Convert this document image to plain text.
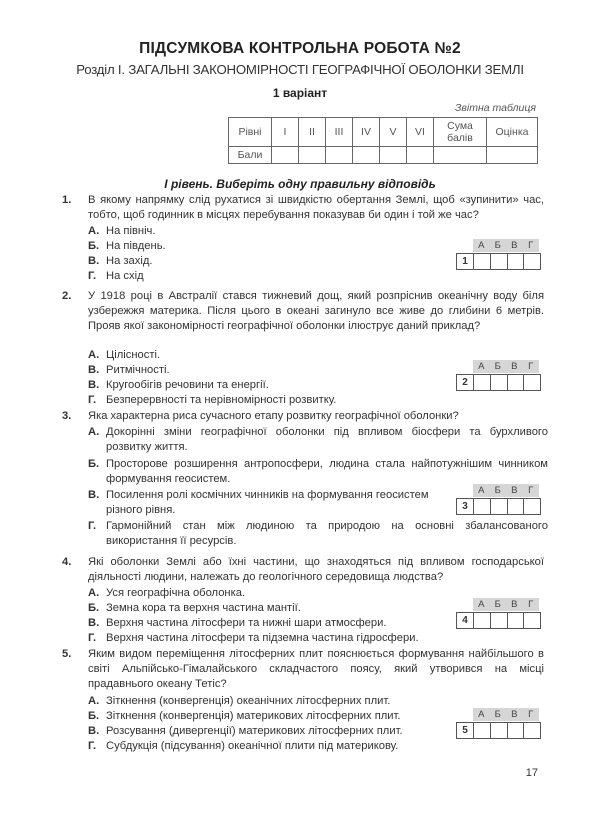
ПІДСУМКОВА КОНТРОЛЬНА РОБОТА №2
Розділ І. ЗАГАЛЬНІ ЗАКОНОМІРНОСТІ ГЕОГРАФІЧНОЇ ОБОЛОНКИ ЗЕМЛІ
1 варіант
Звітна таблиця
Рівні	І	ІІ	ІІІ	IV	V	VI	Сума балів	Оцінка
Бали								
І рівень. Виберіть одну правильну відповідь
1. В якому напрямку слід рухатися зі швидкістю обертання Землі, щоб «зупинити» час, тобто, щоб годинник в місцях перебування показував би один і той же час?
А. На північ.
Б. На південь.
В. На захід.
Г. На схід
А	Б	В	Г
1
2. У 1918 році в Австралії стався тижневий дощ, який розпріснив океанічну воду біля узбережжя материка. Після цього в океані загинуло все живе до глибини 6 метрів. Прояв якої закономірності географічної оболонки ілюструє даний приклад?
А. Цілісності.
В. Ритмічності.
В. Кругообігів речовини та енергії.
Г. Безперервності та нерівномірності розвитку.
А	Б	В	Г
2
3. Яка характерна риса сучасного етапу розвитку географічної оболонки?
А. Докорінні зміни географічної оболонки під впливом біосфери та бурхливого розвитку життя.
Б. Просторове розширення антропосфери, людина стала найпотужнішим чинником формування геосистем.
В. Посилення ролі космічних чинників на формування геосистем різного рівня.
Г. Гармонійний стан між людиною та природою на основні збалансованого використання її ресурсів.
А	Б	В	Г
3
4. Які оболонки Землі або їхні частини, що знаходяться під впливом господарської діяльності людини, належать до геологічного середовища людства?
А. Уся географічна оболонка.
Б. Земна кора та верхня частина мантії.
В. Верхня частина літосфери та нижні шари атмосфери.
Г. Верхня частина літосфери та підземна частина гідросфери.
А	Б	В	Г
4
5. Яким видом переміщення літосферних плит пояснюється формування найбільшого в світі Альпійсько-Гімалайського складчастого поясу, який утворився на місці прадавнього океану Тетіс?
А. Зіткнення (конвергенція) океанічних літосферних плит.
Б. Зіткнення (конвергенція) материкових літосферних плит.
В. Розсування (дивергенції) материкових літосферних плит.
Г. Субдукція (підсування) океанічної плити під материкову.
А	Б	В	Г
5
17
